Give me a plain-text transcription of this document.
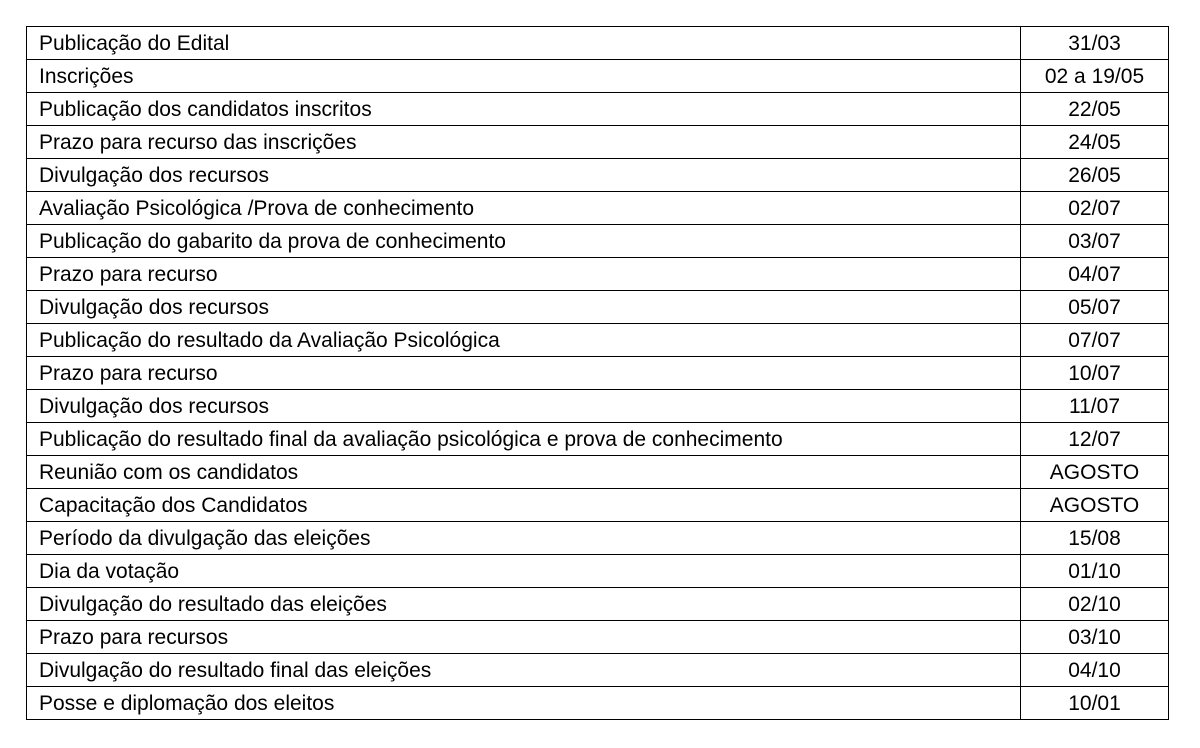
Publicação do Edital	31/03
Inscrições	02 a 19/05
Publicação dos candidatos inscritos	22/05
Prazo para recurso das inscrições	24/05
Divulgação dos recursos	26/05
Avaliação Psicológica /Prova de conhecimento	02/07
Publicação do gabarito da prova de conhecimento	03/07
Prazo para recurso	04/07
Divulgação dos recursos	05/07
Publicação do resultado da Avaliação Psicológica	07/07
Prazo para recurso	10/07
Divulgação dos recursos	11/07
Publicação do resultado final da avaliação psicológica e prova de conhecimento	12/07
Reunião com os candidatos	AGOSTO
Capacitação dos Candidatos	AGOSTO
Período da divulgação das eleições	15/08
Dia da votação	01/10
Divulgação do resultado das eleições	02/10
Prazo para recursos	03/10
Divulgação do resultado final das eleições	04/10
Posse e diplomação dos eleitos	10/01
